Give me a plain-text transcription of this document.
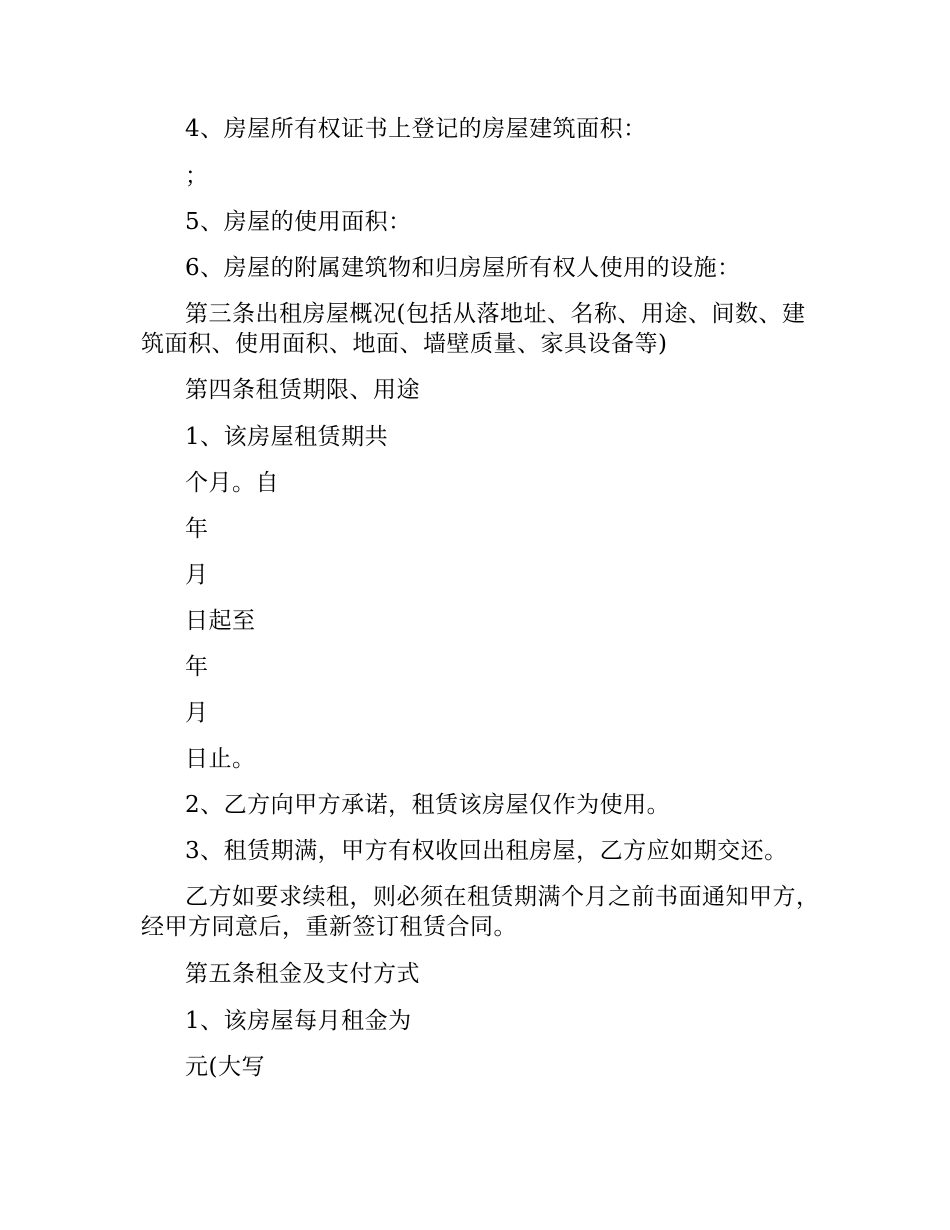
4、房屋所有权证书上登记的房屋建筑面积：

；

5、房屋的使用面积：

6、房屋的附属建筑物和归房屋所有权人使用的设施：

第三条出租房屋概况(包括从落地址、名称、用途、间数、建筑面积、使用面积、地面、墙壁质量、家具设备等)

第四条租赁期限、用途

1、该房屋租赁期共

个月。自

年

月

日起至

年

月

日止。

2、乙方向甲方承诺，租赁该房屋仅作为使用。

3、租赁期满，甲方有权收回出租房屋，乙方应如期交还。

乙方如要求续租，则必须在租赁期满个月之前书面通知甲方，经甲方同意后，重新签订租赁合同。

第五条租金及支付方式

1、该房屋每月租金为

元(大写
